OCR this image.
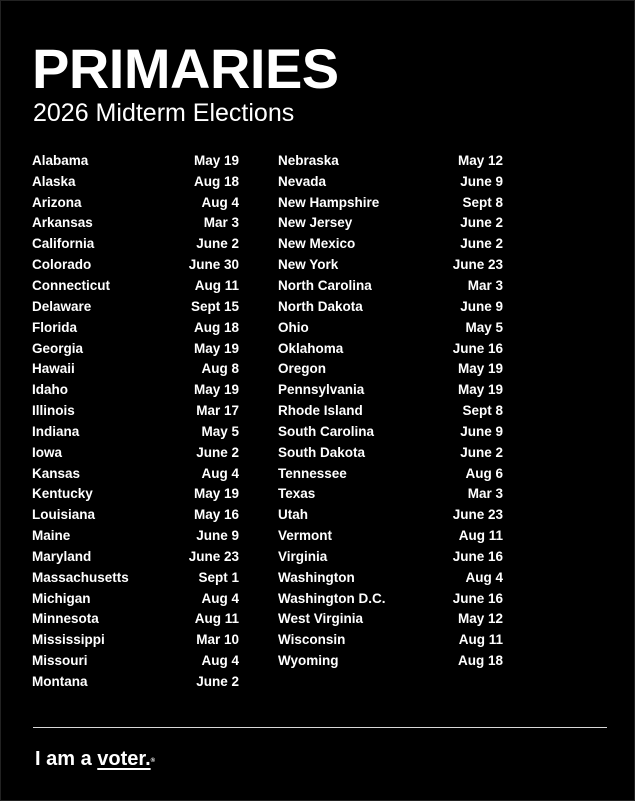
PRIMARIES
2026 Midterm Elections
Alabama	May 19
Alaska	Aug 18
Arizona	Aug 4
Arkansas	Mar 3
California	June 2
Colorado	June 30
Connecticut	Aug 11
Delaware	Sept 15
Florida	Aug 18
Georgia	May 19
Hawaii	Aug 8
Idaho	May 19
Illinois	Mar 17
Indiana	May 5
Iowa	June 2
Kansas	Aug 4
Kentucky	May 19
Louisiana	May 16
Maine	June 9
Maryland	June 23
Massachusetts	Sept 1
Michigan	Aug 4
Minnesota	Aug 11
Mississippi	Mar 10
Missouri	Aug 4
Montana	June 2
Nebraska	May 12
Nevada	June 9
New Hampshire	Sept 8
New Jersey	June 2
New Mexico	June 2
New York	June 23
North Carolina	Mar 3
North Dakota	June 9
Ohio	May 5
Oklahoma	June 16
Oregon	May 19
Pennsylvania	May 19
Rhode Island	Sept 8
South Carolina	June 9
South Dakota	June 2
Tennessee	Aug 6
Texas	Mar 3
Utah	June 23
Vermont	Aug 11
Virginia	June 16
Washington	Aug 4
Washington D.C.	June 16
West Virginia	May 12
Wisconsin	Aug 11
Wyoming	Aug 18
I am a voter.®
